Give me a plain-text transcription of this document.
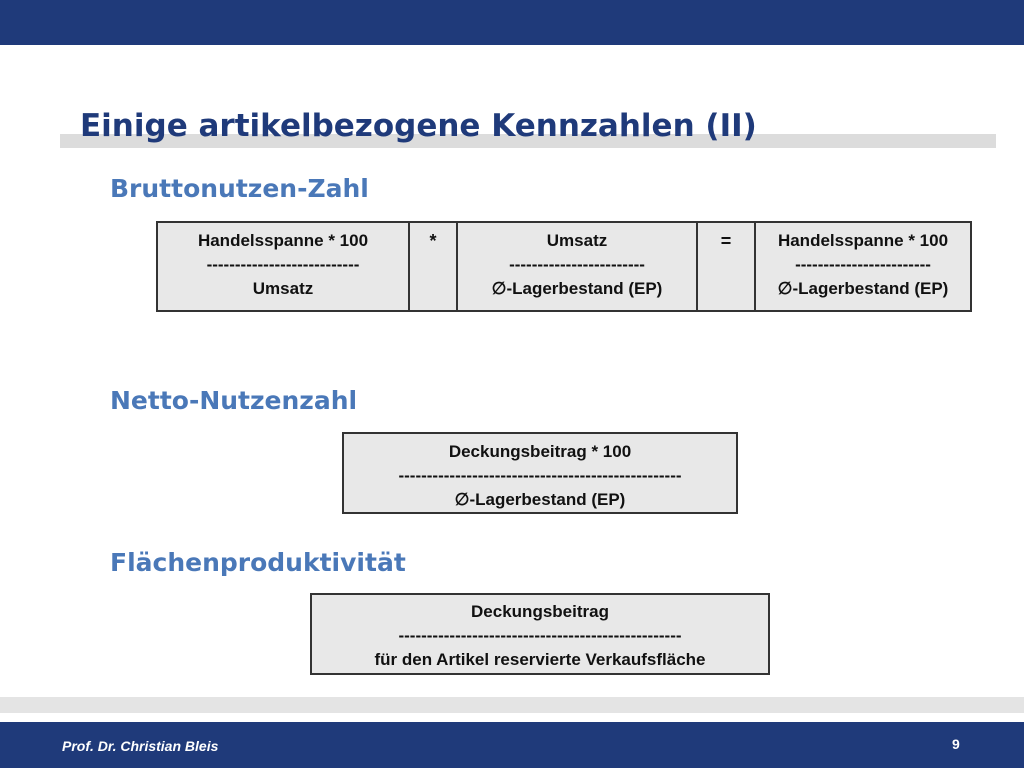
Einige artikelbezogene Kennzahlen (II)
Bruttonutzen-Zahl
Handelsspanne * 100
---------------------------
Umsatz
	*	Umsatz
------------------------
∅-Lagerbestand (EP)
	=	Handelsspanne * 100
------------------------
∅-Lagerbestand (EP)
Netto-Nutzenzahl
Deckungsbeitrag * 100
--------------------------------------------------
∅-Lagerbestand (EP)
Flächenproduktivität
Deckungsbeitrag
--------------------------------------------------
für den Artikel reservierte Verkaufsfläche
Prof. Dr. Christian Bleis	9
